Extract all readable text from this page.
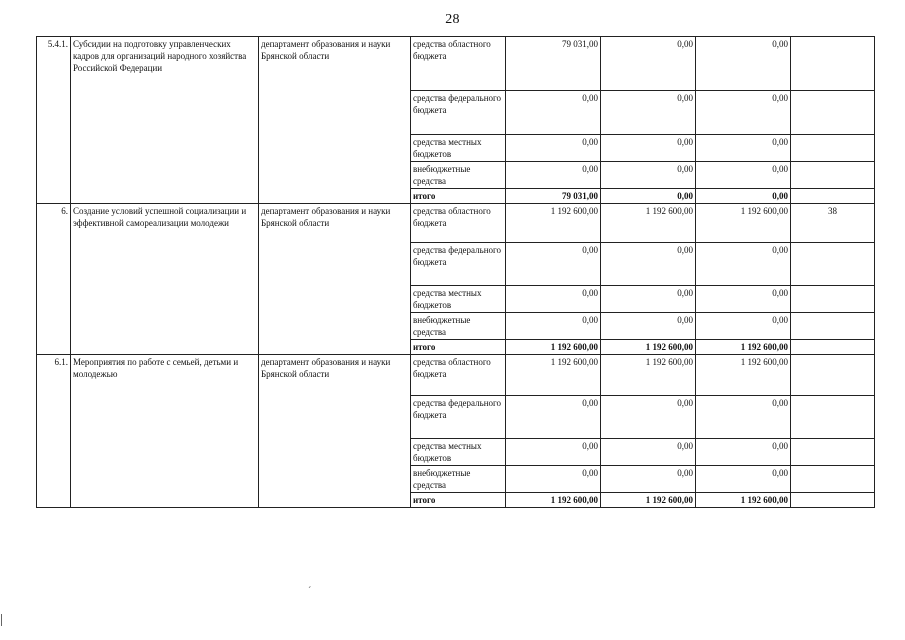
28
5.4.1.	Субсидии на подготовку управленческих кадров для организаций народного хозяйства Российской Федерации	департамент образования и науки Брянской области	средства областного бюджета	79 031,00	0,00	0,00	
			средства федерального бюджета	0,00	0,00	0,00	
			средства местных бюджетов	0,00	0,00	0,00	
			внебюджетные средства	0,00	0,00	0,00	
			итого	79 031,00	0,00	0,00	
6.	Создание условий успешной социализации и эффективной самореализации молодежи	департамент образования и науки Брянской области	средства областного бюджета	1 192 600,00	1 192 600,00	1 192 600,00	38
			средства федерального бюджета	0,00	0,00	0,00	
			средства местных бюджетов	0,00	0,00	0,00	
			внебюджетные средства	0,00	0,00	0,00	
			итого	1 192 600,00	1 192 600,00	1 192 600,00	
6.1.	Мероприятия по работе с семьей, детьми и молодежью	департамент образования и науки Брянской области	средства областного бюджета	1 192 600,00	1 192 600,00	1 192 600,00	
			средства федерального бюджета	0,00	0,00	0,00	
			средства местных бюджетов	0,00	0,00	0,00	
			внебюджетные средства	0,00	0,00	0,00	
			итого	1 192 600,00	1 192 600,00	1 192 600,00	
ˊ
